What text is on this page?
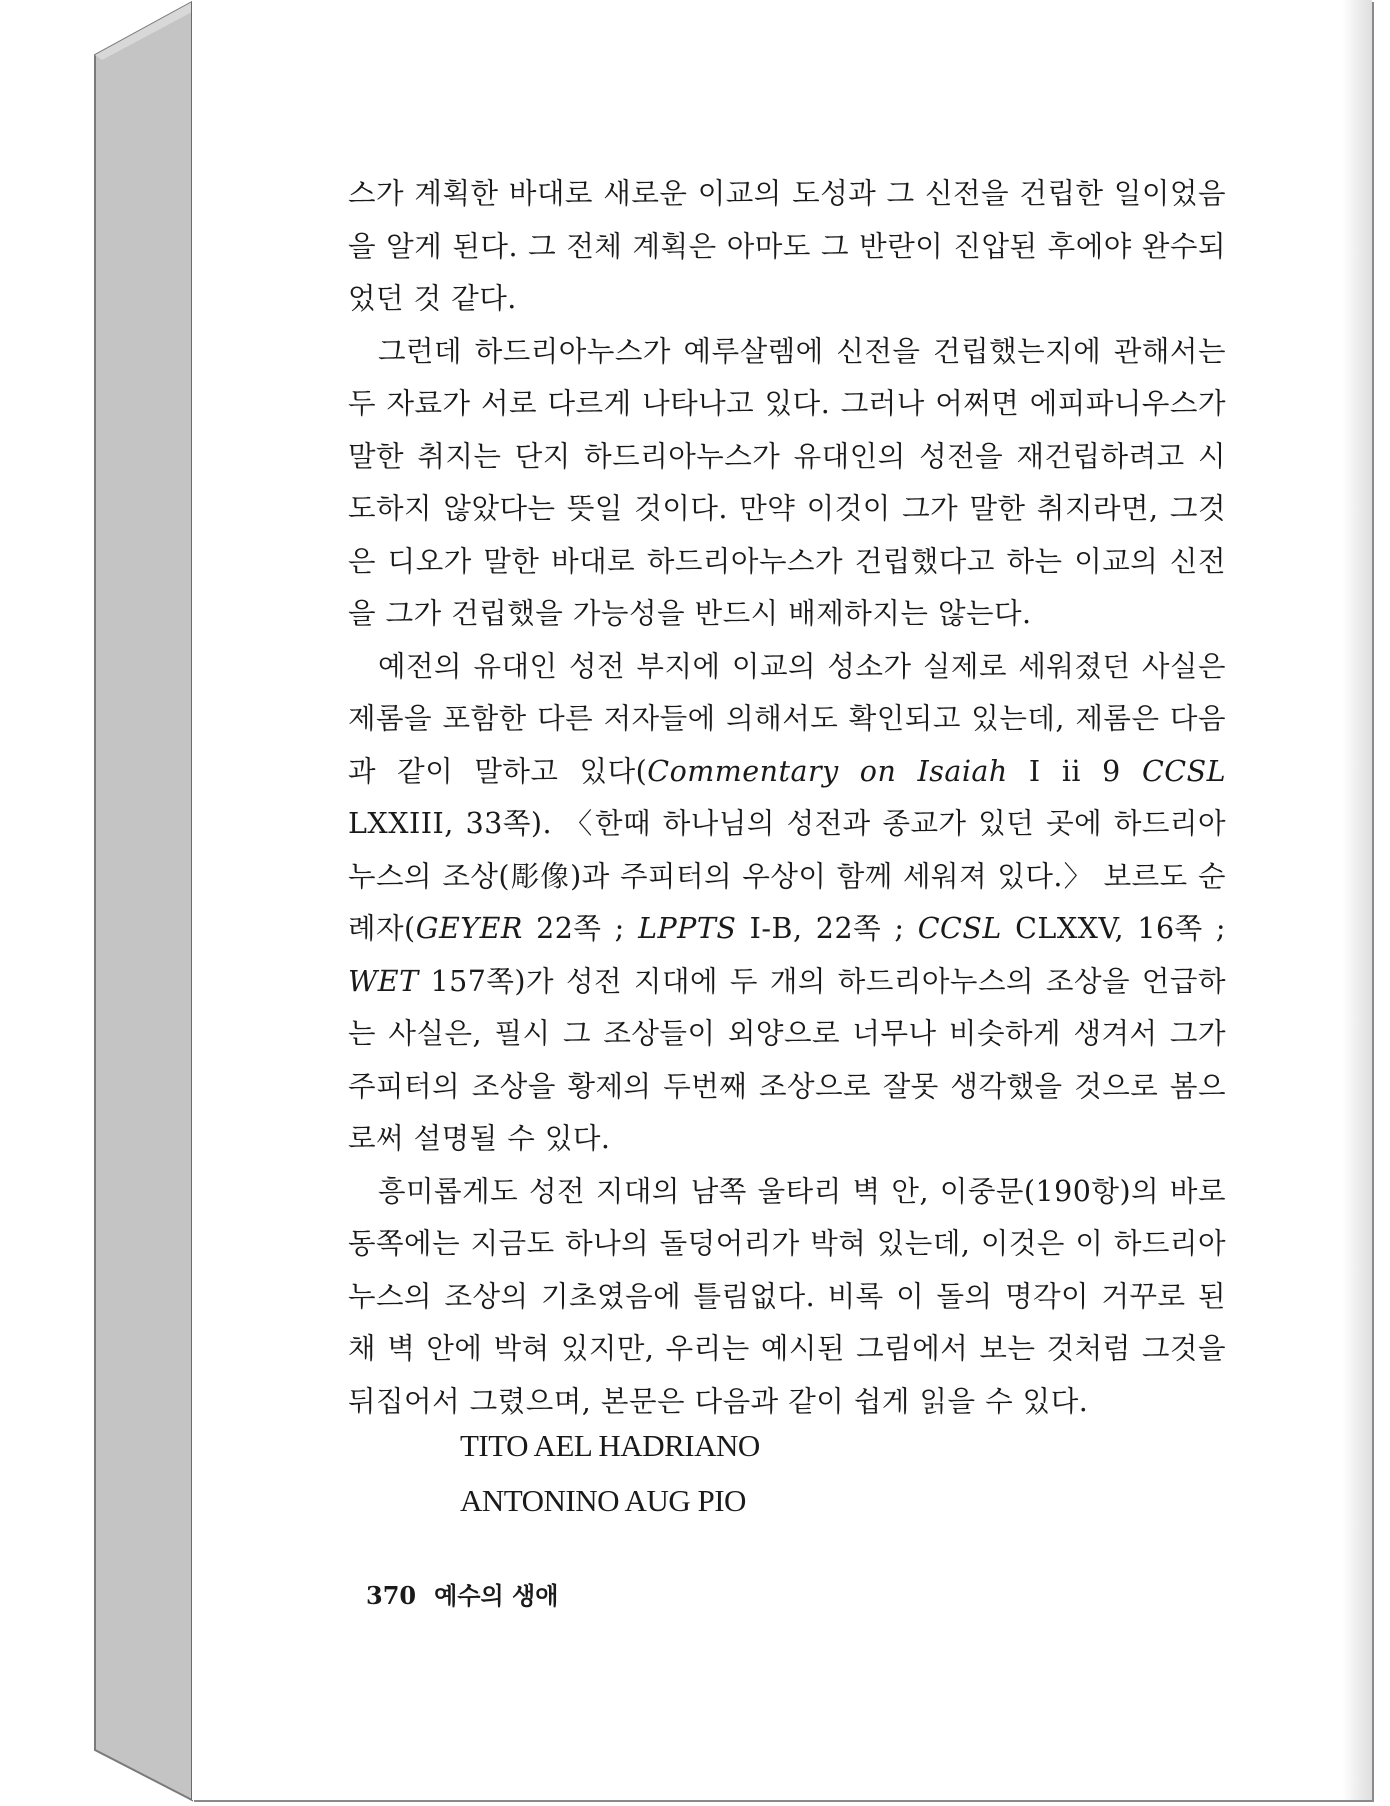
스가 계획한 바대로 새로운 이교의 도성과 그 신전을 건립한 일이었음을 알게 된다. 그 전체 계획은 아마도 그 반란이 진압된 후에야 완수되었던 것 같다.

그런데 하드리아누스가 예루살렘에 신전을 건립했는지에 관해서는 두 자료가 서로 다르게 나타나고 있다. 그러나 어쩌면 에피파니우스가 말한 취지는 단지 하드리아누스가 유대인의 성전을 재건립하려고 시도하지 않았다는 뜻일 것이다. 만약 이것이 그가 말한 취지라면, 그것은 디오가 말한 바대로 하드리아누스가 건립했다고 하는 이교의 신전을 그가 건립했을 가능성을 반드시 배제하지는 않는다.

예전의 유대인 성전 부지에 이교의 성소가 실제로 세워졌던 사실은 제롬을 포함한 다른 저자들에 의해서도 확인되고 있는데, 제롬은 다음과 같이 말하고 있다(Commentary on Isaiah I ii 9 CCSL LXXIII, 33쪽). 〈한때 하나님의 성전과 종교가 있던 곳에 하드리아누스의 조상(彫像)과 주피터의 우상이 함께 세워져 있다.〉 보르도 순례자(GEYER 22쪽 ; LPPTS I-B, 22쪽 ; CCSL CLXXV, 16쪽 ; WET 157쪽)가 성전 지대에 두 개의 하드리아누스의 조상을 언급하는 사실은, 필시 그 조상들이 외양으로 너무나 비슷하게 생겨서 그가 주피터의 조상을 황제의 두번째 조상으로 잘못 생각했을 것으로 봄으로써 설명될 수 있다.

흥미롭게도 성전 지대의 남쪽 울타리 벽 안, 이중문(190항)의 바로 동쪽에는 지금도 하나의 돌덩어리가 박혀 있는데, 이것은 이 하드리아누스의 조상의 기초였음에 틀림없다. 비록 이 돌의 명각이 거꾸로 된 채 벽 안에 박혀 있지만, 우리는 예시된 그림에서 보는 것처럼 그것을 뒤집어서 그렸으며, 본문은 다음과 같이 쉽게 읽을 수 있다.

TITO AEL HADRIANO
ANTONINO AUG PIO
370 예수의 생애
